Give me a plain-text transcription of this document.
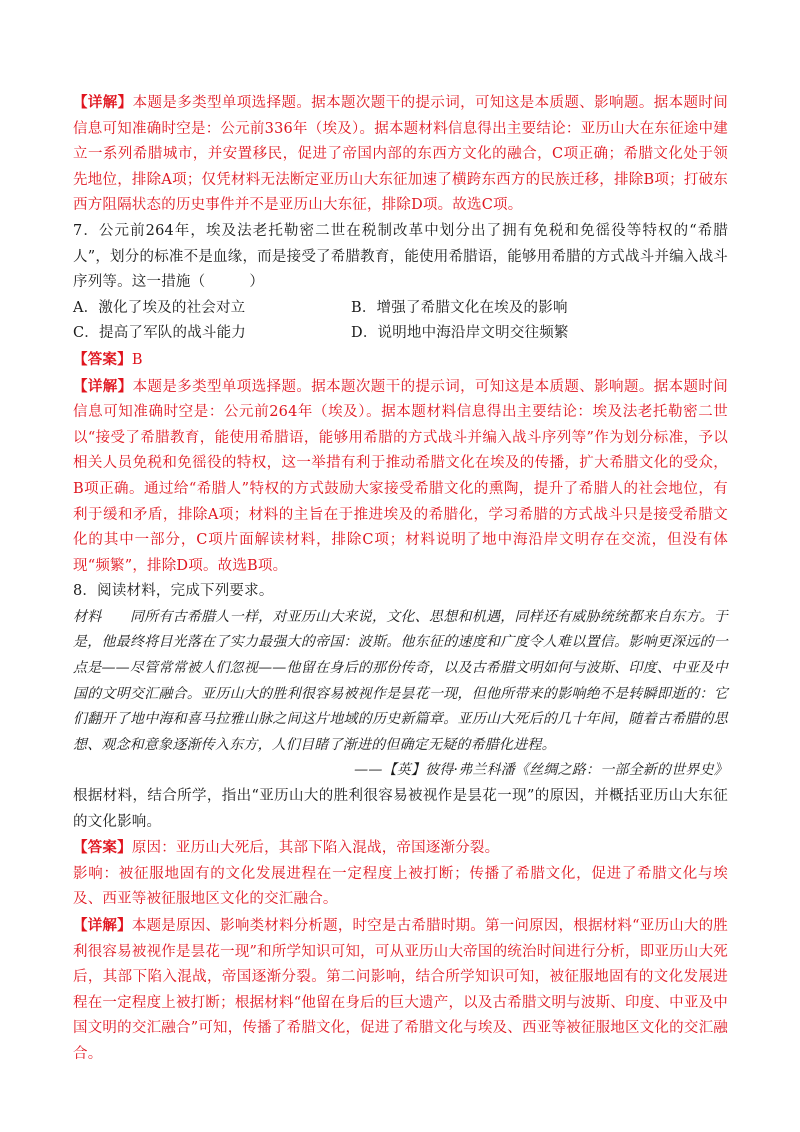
【详解】本题是多类型单项选择题。据本题次题干的提示词，可知这是本质题、影响题。据本题时间信息可知准确时空是：公元前336年（埃及）。据本题材料信息得出主要结论：亚历山大在东征途中建立一系列希腊城市，并安置移民，促进了帝国内部的东西方文化的融合，C项正确；希腊文化处于领先地位，排除A项；仅凭材料无法断定亚历山大东征加速了横跨东西方的民族迁移，排除B项；打破东西方阻隔状态的历史事件并不是亚历山大东征，排除D项。故选C项。

7．公元前264年，埃及法老托勒密二世在税制改革中划分出了拥有免税和免徭役等特权的“希腊人”，划分的标准不是血缘，而是接受了希腊教育，能使用希腊语，能够用希腊的方式战斗并编入战斗序列等。这一措施（　　　）

A．激化了埃及的社会对立	B．增强了希腊文化在埃及的影响

C．提高了军队的战斗能力	D．说明地中海沿岸文明交往频繁

【答案】B

【详解】本题是多类型单项选择题。据本题次题干的提示词，可知这是本质题、影响题。据本题时间信息可知准确时空是：公元前264年（埃及）。据本题材料信息得出主要结论：埃及法老托勒密二世以“接受了希腊教育，能使用希腊语，能够用希腊的方式战斗并编入战斗序列等”作为划分标准，予以相关人员免税和免徭役的特权，这一举措有利于推动希腊文化在埃及的传播，扩大希腊文化的受众，B项正确。通过给“希腊人”特权的方式鼓励大家接受希腊文化的熏陶，提升了希腊人的社会地位，有利于缓和矛盾，排除A项；材料的主旨在于推进埃及的希腊化，学习希腊的方式战斗只是接受希腊文化的其中一部分，C项片面解读材料，排除C项；材料说明了地中海沿岸文明存在交流，但没有体现“频繁”，排除D项。故选B项。

8．阅读材料，完成下列要求。

材料　　同所有古希腊人一样，对亚历山大来说，文化、思想和机遇，同样还有威胁统统都来自东方。于是，他最终将目光落在了实力最强大的帝国：波斯。他东征的速度和广度令人难以置信。影响更深远的一点是——尽管常常被人们忽视——他留在身后的那份传奇，以及古希腊文明如何与波斯、印度、中亚及中国的文明交汇融合。亚历山大的胜利很容易被视作是昙花一现，但他所带来的影响绝不是转瞬即逝的：它们翻开了地中海和喜马拉雅山脉之间这片地域的历史新篇章。亚历山大死后的几十年间，随着古希腊的思想、观念和意象逐渐传入东方，人们目睹了渐进的但确定无疑的希腊化进程。

——【英】彼得·弗兰科潘《丝绸之路：一部全新的世界史》

根据材料，结合所学，指出“亚历山大的胜利很容易被视作是昙花一现”的原因，并概括亚历山大东征的文化影响。

【答案】原因：亚历山大死后，其部下陷入混战，帝国逐渐分裂。

影响：被征服地固有的文化发展进程在一定程度上被打断；传播了希腊文化，促进了希腊文化与埃及、西亚等被征服地区文化的交汇融合。

【详解】本题是原因、影响类材料分析题，时空是古希腊时期。第一问原因，根据材料“亚历山大的胜利很容易被视作是昙花一现”和所学知识可知，可从亚历山大帝国的统治时间进行分析，即亚历山大死后，其部下陷入混战，帝国逐渐分裂。第二问影响，结合所学知识可知，被征服地固有的文化发展进程在一定程度上被打断；根据材料“他留在身后的巨大遗产，以及古希腊文明与波斯、印度、中亚及中国文明的交汇融合”可知，传播了希腊文化，促进了希腊文化与埃及、西亚等被征服地区文化的交汇融合。
